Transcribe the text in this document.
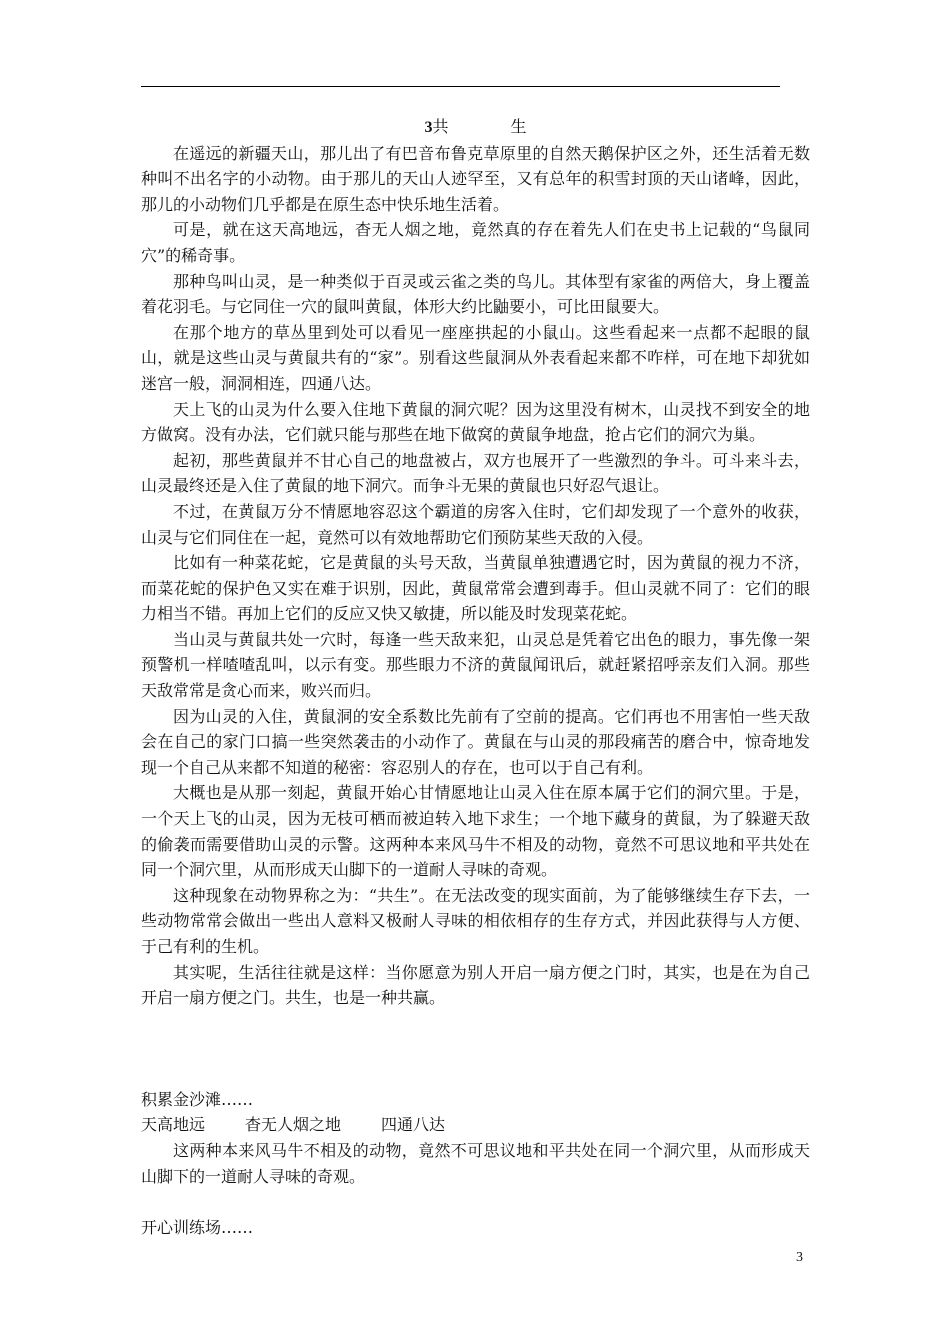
3共	生

在遥远的新疆天山，那儿出了有巴音布鲁克草原里的自然天鹅保护区之外，还生活着无数种叫不出名字的小动物。由于那儿的天山人迹罕至，又有总年的积雪封顶的天山诸峰，因此，那儿的小动物们几乎都是在原生态中快乐地生活着。

可是，就在这天高地远，杳无人烟之地，竟然真的存在着先人们在史书上记载的“鸟鼠同穴”的稀奇事。

那种鸟叫山灵，是一种类似于百灵或云雀之类的鸟儿。其体型有家雀的两倍大，身上覆盖着花羽毛。与它同住一穴的鼠叫黄鼠，体形大约比鼬要小，可比田鼠要大。

在那个地方的草丛里到处可以看见一座座拱起的小鼠山。这些看起来一点都不起眼的鼠山，就是这些山灵与黄鼠共有的“家”。别看这些鼠洞从外表看起来都不咋样，可在地下却犹如迷宫一般，洞洞相连，四通八达。

天上飞的山灵为什么要入住地下黄鼠的洞穴呢？因为这里没有树木，山灵找不到安全的地方做窝。没有办法，它们就只能与那些在地下做窝的黄鼠争地盘，抢占它们的洞穴为巢。

起初，那些黄鼠并不甘心自己的地盘被占，双方也展开了一些激烈的争斗。可斗来斗去，山灵最终还是入住了黄鼠的地下洞穴。而争斗无果的黄鼠也只好忍气退让。

不过，在黄鼠万分不情愿地容忍这个霸道的房客入住时，它们却发现了一个意外的收获，山灵与它们同住在一起，竟然可以有效地帮助它们预防某些天敌的入侵。

比如有一种菜花蛇，它是黄鼠的头号天敌，当黄鼠单独遭遇它时，因为黄鼠的视力不济，而菜花蛇的保护色又实在难于识别，因此，黄鼠常常会遭到毒手。但山灵就不同了：它们的眼力相当不错。再加上它们的反应又快又敏捷，所以能及时发现菜花蛇。

当山灵与黄鼠共处一穴时，每逢一些天敌来犯，山灵总是凭着它出色的眼力，事先像一架预警机一样喳喳乱叫，以示有变。那些眼力不济的黄鼠闻讯后，就赶紧招呼亲友们入洞。那些天敌常常是贪心而来，败兴而归。

因为山灵的入住，黄鼠洞的安全系数比先前有了空前的提高。它们再也不用害怕一些天敌会在自己的家门口搞一些突然袭击的小动作了。黄鼠在与山灵的那段痛苦的磨合中，惊奇地发现一个自己从来都不知道的秘密：容忍别人的存在，也可以于自己有利。

大概也是从那一刻起，黄鼠开始心甘情愿地让山灵入住在原本属于它们的洞穴里。于是，一个天上飞的山灵，因为无枝可栖而被迫转入地下求生；一个地下藏身的黄鼠，为了躲避天敌的偷袭而需要借助山灵的示警。这两种本来风马牛不相及的动物，竟然不可思议地和平共处在同一个洞穴里，从而形成天山脚下的一道耐人寻味的奇观。

这种现象在动物界称之为：“共生”。在无法改变的现实面前，为了能够继续生存下去，一些动物常常会做出一些出人意料又极耐人寻味的相依相存的生存方式，并因此获得与人方便、于己有利的生机。

其实呢，生活往往就是这样：当你愿意为别人开启一扇方便之门时，其实，也是在为自己开启一扇方便之门。共生，也是一种共赢。

积累金沙滩……

天高地远	杳无人烟之地	四通八达

这两种本来风马牛不相及的动物，竟然不可思议地和平共处在同一个洞穴里，从而形成天山脚下的一道耐人寻味的奇观。

开心训练场……

3
